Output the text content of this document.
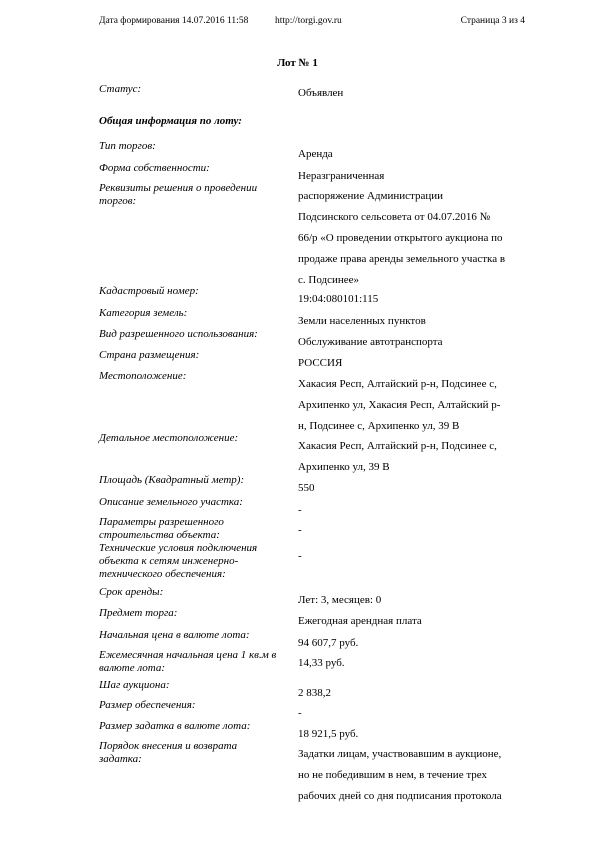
Дата формирования 14.07.2016 11:58	http://torgi.gov.ru	Страница 3 из 4
Лот № 1
Статус:	Объявлен
Общая информация по лоту:
Тип торгов:
Аренда
Форма собственности:
Неразграниченная
Реквизиты решения о проведении
торгов:	распоряжение Администрации
Подсинского сельсовета от 04.07.2016 №
66/р «О проведении открытого аукциона по
продаже права аренды земельного участка в
с. Подсинее»
Кадастровый номер:
19:04:080101:115
Категория земель:
Земли населенных пунктов
Вид разрешенного использования:
Обслуживание автотранспорта
Страна размещения:
РОССИЯ
Местоположение:
Хакасия Респ, Алтайский р-н, Подсинее с,
Архипенко ул, Хакасия Респ, Алтайский р-
н, Подсинее с, Архипенко ул, 39 В
Детальное местоположение:
Хакасия Респ, Алтайский р-н, Подсинее с,
Архипенко ул, 39 В
Площадь (Квадратный метр):
550
Описание земельного участка:
-
Параметры разрешенного
строительства объекта:	-
Технические условия подключения
объекта к сетям инженерно-
технического обеспечения:
-
Срок аренды:
Лет: 3, месяцев: 0
Предмет торга:
Ежегодная арендная плата
Начальная цена в валюте лота:
94 607,7 руб.
Ежемесячная начальная цена 1 кв.м в
валюте лота:	14,33 руб.
Шаг аукциона:
2 838,2
Размер обеспечения:
-
Размер задатка в валюте лота:
18 921,5 руб.
Порядок внесения и возврата
задатка:	Задатки лицам, участвовавшим в аукционе,
но не победившим в нем, в течение трех
рабочих дней со дня подписания протокола
